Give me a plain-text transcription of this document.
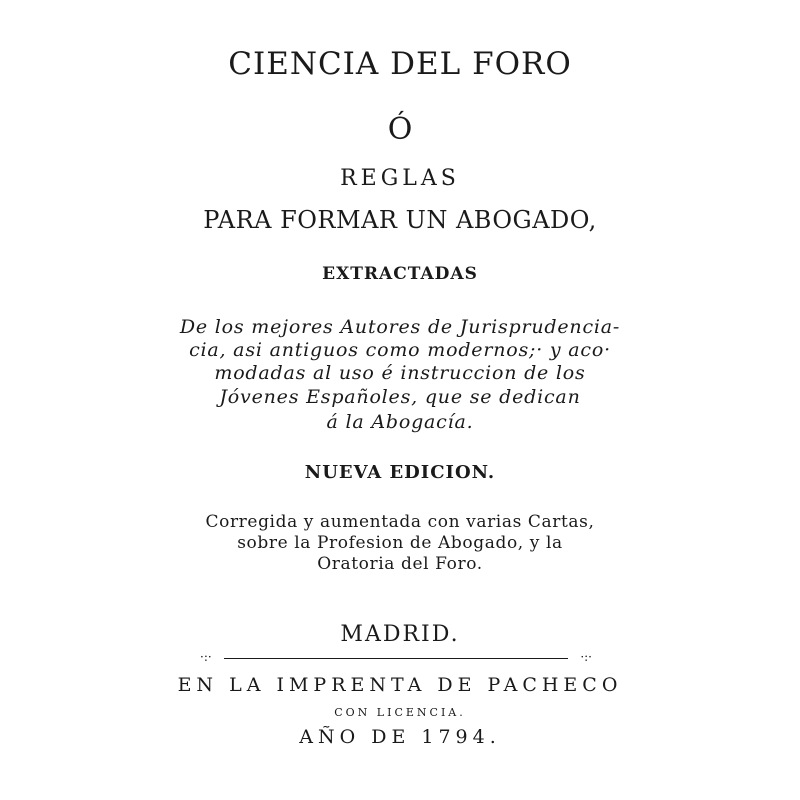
CIENCIA DEL FORO
Ó
REGLAS
PARA FORMAR UN ABOGADO,
EXTRACTADAS
De los mejores Autores de Jurisprudencia-
cia, asi antiguos como modernos;· y aco·
modadas al uso é instruccion de los
Jóvenes Españoles, que se dedican
á la Abogacía.
NUEVA EDICION.
Corregida y aumentada con varias Cartas,
sobre la Profesion de Abogado, y la
Oratoria del Foro.
MADRID.
·:·	·:·
EN LA IMPRENTA DE PACHECO
CON LICENCIA.
AÑO DE 1794.
